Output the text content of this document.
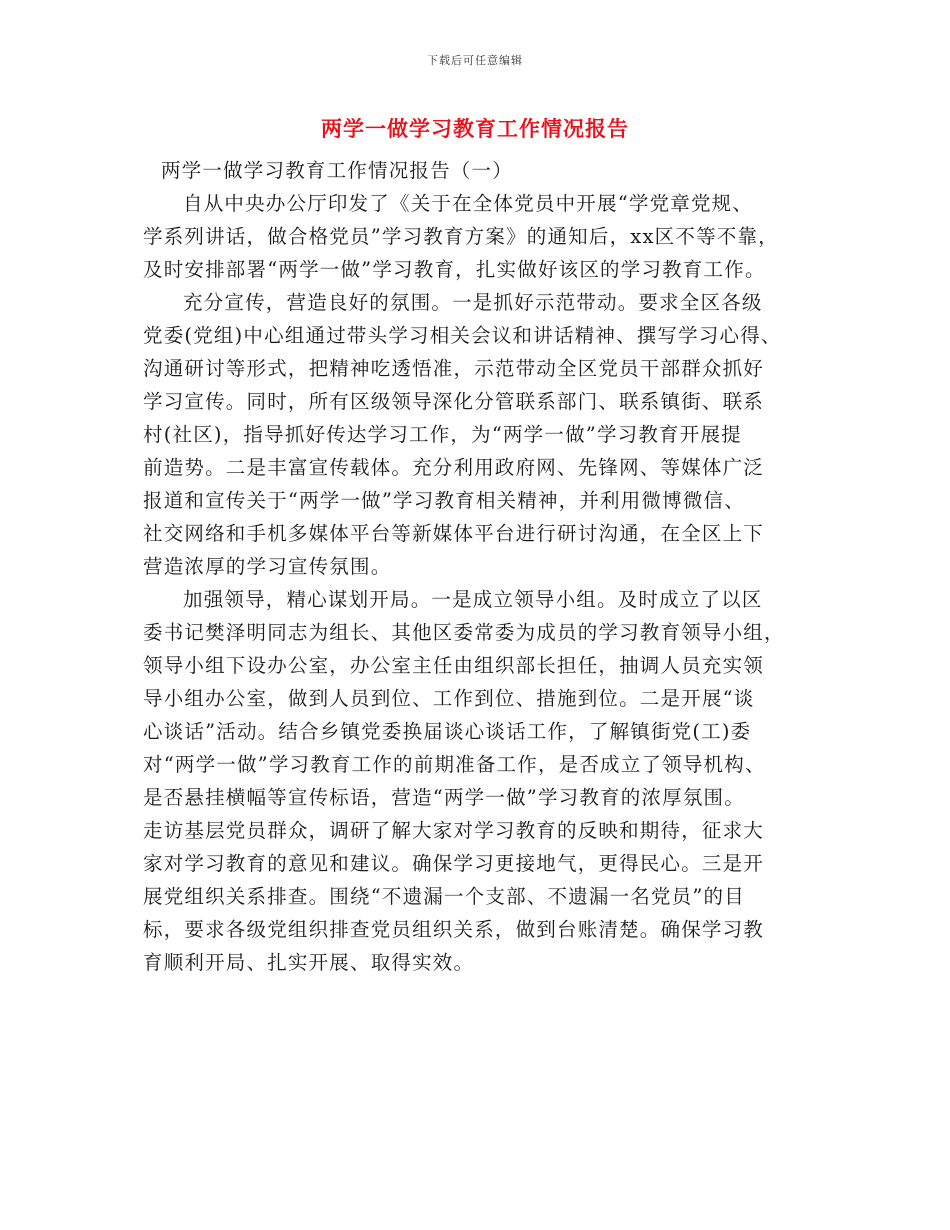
下载后可任意编辑
两学一做学习教育工作情况报告
两学一做学习教育工作情况报告（一）
自从中央办公厅印发了《关于在全体党员中开展“学党章党规、
学系列讲话，做合格党员”学习教育方案》的通知后，xx区不等不靠，
及时安排部署“两学一做”学习教育，扎实做好该区的学习教育工作。
充分宣传，营造良好的氛围。一是抓好示范带动。要求全区各级
党委(党组)中心组通过带头学习相关会议和讲话精神、撰写学习心得、
沟通研讨等形式，把精神吃透悟准，示范带动全区党员干部群众抓好
学习宣传。同时，所有区级领导深化分管联系部门、联系镇街、联系
村(社区)，指导抓好传达学习工作，为“两学一做”学习教育开展提
前造势。二是丰富宣传载体。充分利用政府网、先锋网、等媒体广泛
报道和宣传关于“两学一做”学习教育相关精神，并利用微博微信、
社交网络和手机多媒体平台等新媒体平台进行研讨沟通，在全区上下
营造浓厚的学习宣传氛围。
加强领导，精心谋划开局。一是成立领导小组。及时成立了以区
委书记樊泽明同志为组长、其他区委常委为成员的学习教育领导小组，
领导小组下设办公室，办公室主任由组织部长担任，抽调人员充实领
导小组办公室，做到人员到位、工作到位、措施到位。二是开展“谈
心谈话”活动。结合乡镇党委换届谈心谈话工作，了解镇街党(工)委
对“两学一做”学习教育工作的前期准备工作，是否成立了领导机构、
是否悬挂横幅等宣传标语，营造“两学一做”学习教育的浓厚氛围。
走访基层党员群众，调研了解大家对学习教育的反映和期待，征求大
家对学习教育的意见和建议。确保学习更接地气，更得民心。三是开
展党组织关系排查。围绕“不遗漏一个支部、不遗漏一名党员”的目
标，要求各级党组织排查党员组织关系，做到台账清楚。确保学习教
育顺利开局、扎实开展、取得实效。
